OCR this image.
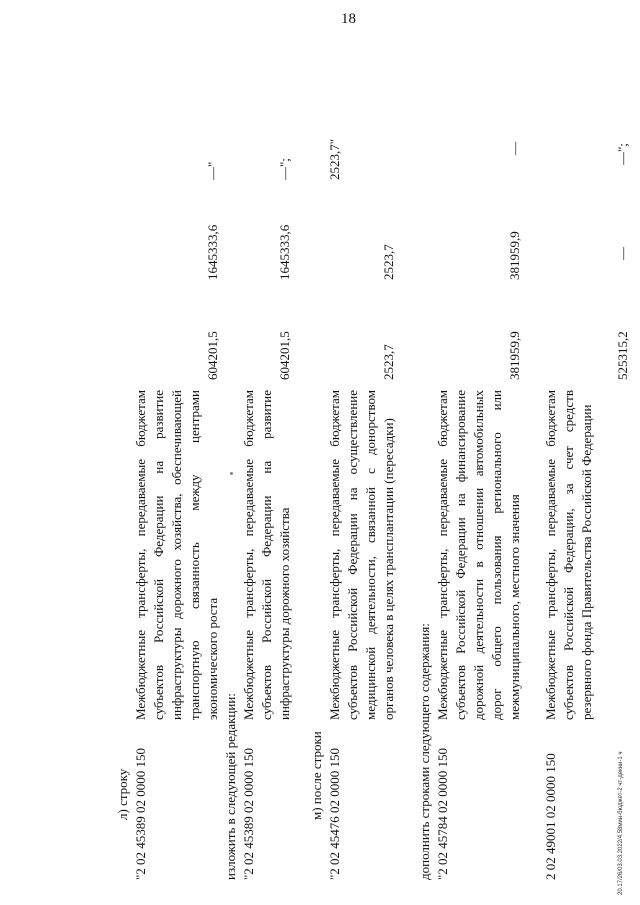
18
20.17/26/03.03.2022/4.58мин-бюджет-2 чт-декни-1 ч
л) строку "2 02 45389 02 0000 150
Межбюджетные трансферты, передаваемые бюджетам субъектов Российской Федерации на развитие инфраструктуры дорожного хозяйства, обеспечивающей транспортную связанность между центрами экономического роста
604201,5
1645333,6
—"
изложить в следующей редакции: "2 02 45389 02 0000 150
Межбюджетные трансферты, передаваемые бюджетам субъектов Российской Федерации на развитие инфраструктуры дорожного хозяйства
604201,5
1645333,6
—";
м) после строки "2 02 45476 02 0000 150
Межбюджетные трансферты, передаваемые бюджетам субъектов Российской Федерации на осуществление медицинской деятельности, связанной с донорством органов человека в целях трансплантации (пересадки)
2523,7
2523,7
2523,7"
дополнить строками следующего содержания: "2 02 45784 02 0000 150
Межбюджетные трансферты, передаваемые бюджетам субъектов Российской Федерации на финансирование дорожной деятельности в отношении автомобильных дорог общего пользования регионального или межмуниципального, местного значения
381959,9
381959,9
—
2 02 49001 02 0000 150
Межбюджетные трансферты, передаваемые бюджетам субъектов Российской Федерации, за счет средств резервного фонда Правительства Российской Федерации
525315,2
—
—";
